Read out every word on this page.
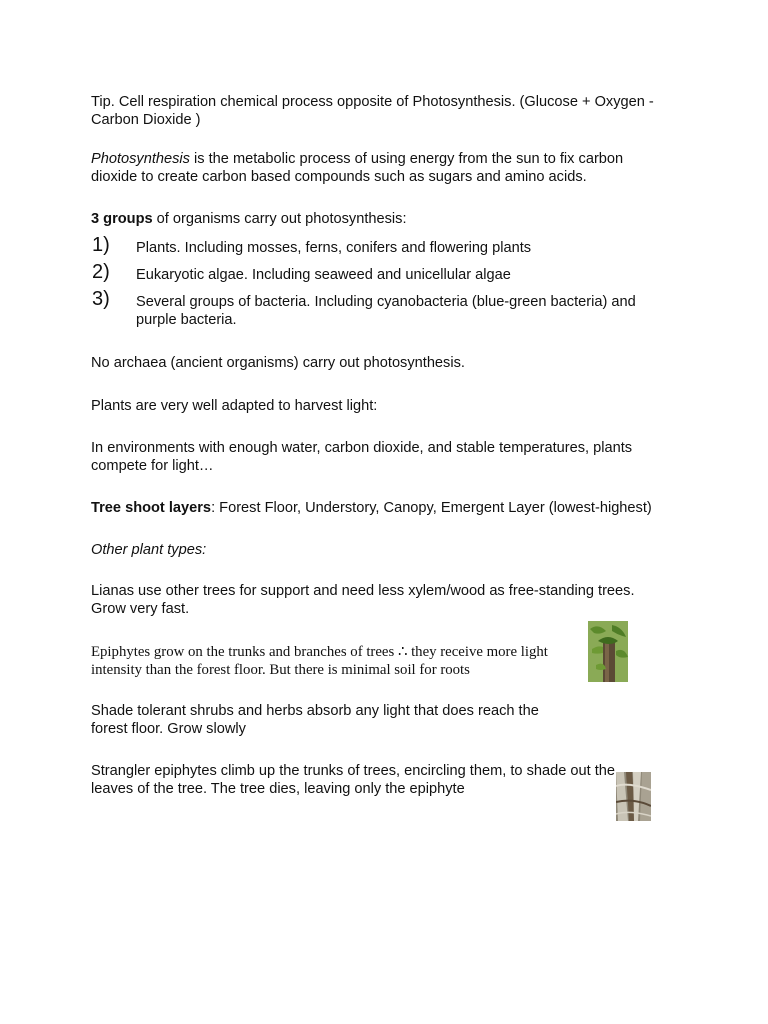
Tip. Cell respiration chemical process opposite of Photosynthesis. (Glucose + Oxygen - Carbon Dioxide )

Photosynthesis is the metabolic process of using energy from the sun to fix carbon dioxide to create carbon based compounds such as sugars and amino acids.

3 groups of organisms carry out photosynthesis:

1) Plants. Including mosses, ferns, conifers and flowering plants
2) Eukaryotic algae. Including seaweed and unicellular algae
3) Several groups of bacteria. Including cyanobacteria (blue-green bacteria) and purple bacteria.

No archaea (ancient organisms) carry out photosynthesis.

Plants are very well adapted to harvest light:

In environments with enough water, carbon dioxide, and stable temperatures, plants compete for light…

Tree shoot layers: Forest Floor, Understory, Canopy, Emergent Layer (lowest-highest)

Other plant types:

Lianas use other trees for support and need less xylem/wood as free-standing trees. Grow very fast.

Epiphytes grow on the trunks and branches of trees ∴ they receive more light intensity than the forest floor. But there is minimal soil for roots

Shade tolerant shrubs and herbs absorb any light that does reach the forest floor. Grow slowly

Strangler epiphytes climb up the trunks of trees, encircling them, to shade out the leaves of the tree. The tree dies, leaving only the epiphyte
